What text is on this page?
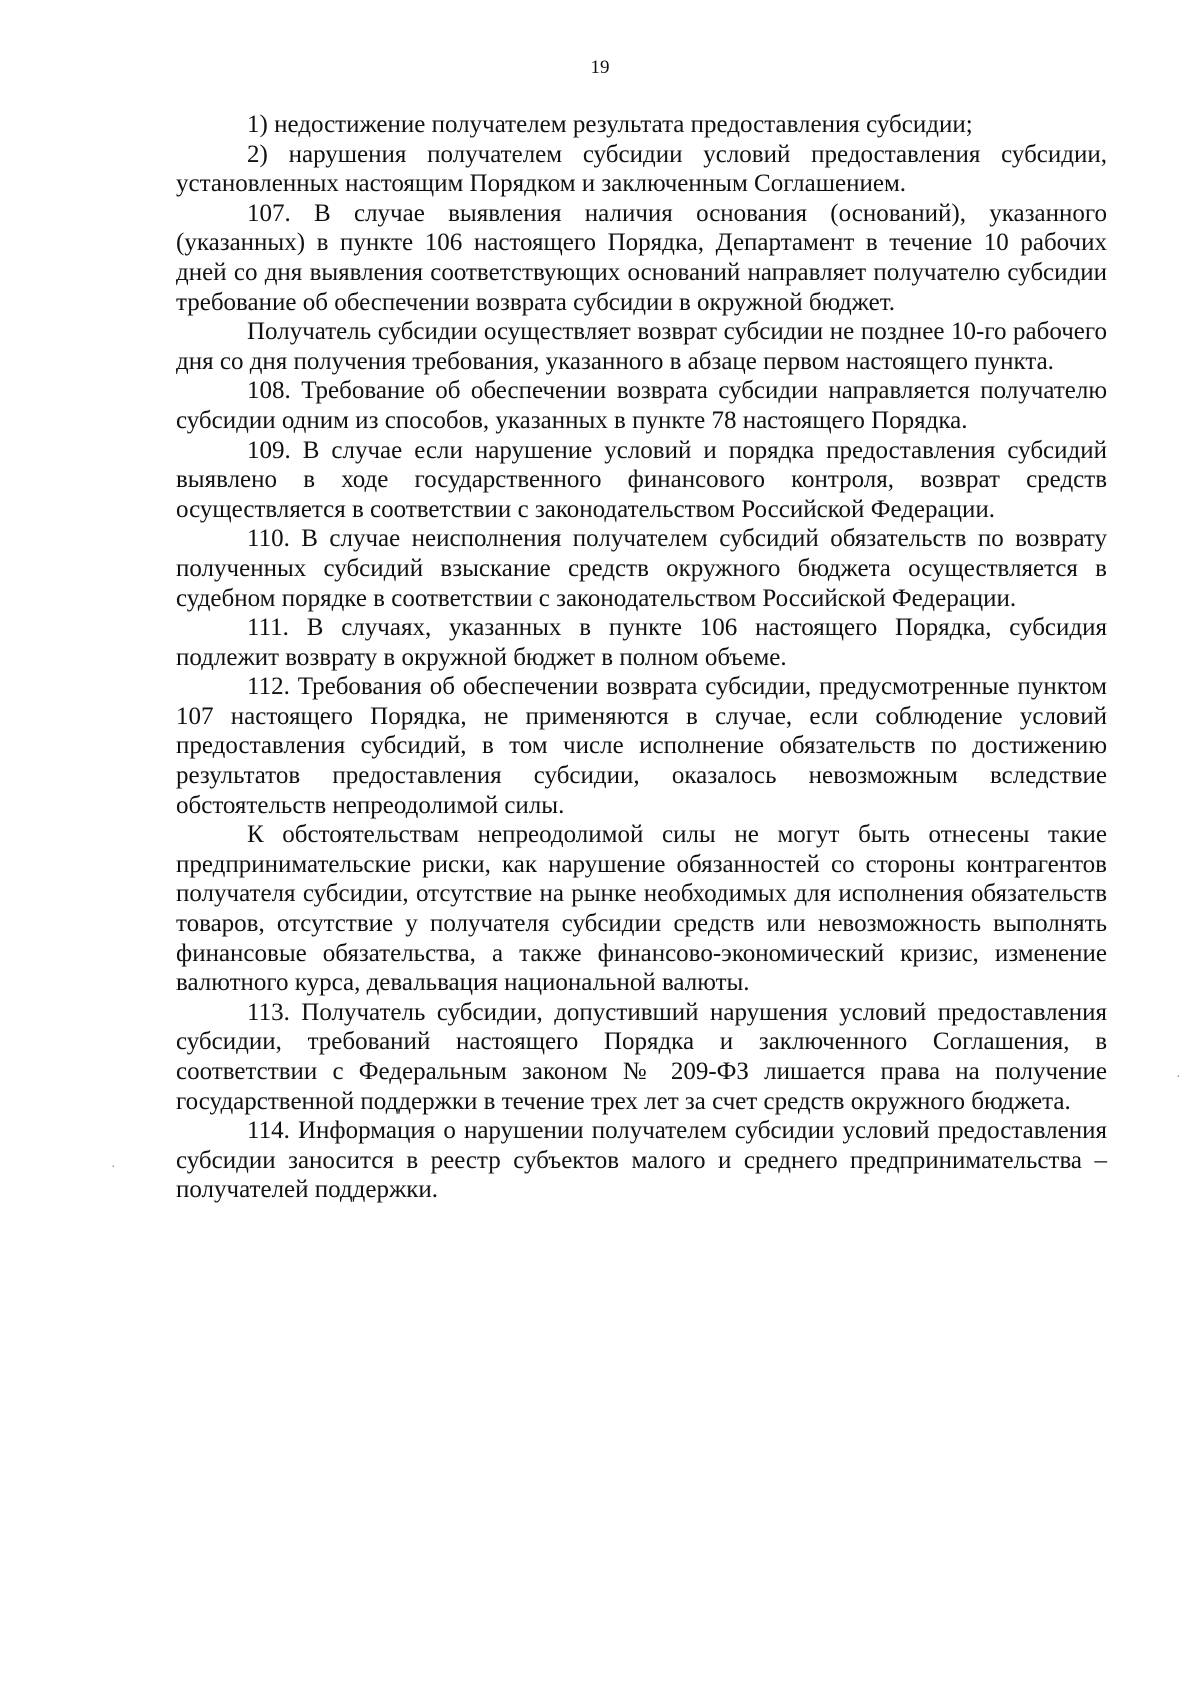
19

1) недостижение получателем результата предоставления субсидии;

2) нарушения получателем субсидии условий предоставления субсидии, установленных настоящим Порядком и заключенным Соглашением.

107. В случае выявления наличия основания (оснований), указанного (указанных) в пункте 106 настоящего Порядка, Департамент в течение 10 рабочих дней со дня выявления соответствующих оснований направляет получателю субсидии требование об обеспечении возврата субсидии в окружной бюджет.

Получатель субсидии осуществляет возврат субсидии не позднее 10-го рабочего дня со дня получения требования, указанного в абзаце первом настоящего пункта.

108. Требование об обеспечении возврата субсидии направляется получателю субсидии одним из способов, указанных в пункте 78 настоящего Порядка.

109. В случае если нарушение условий и порядка предоставления субсидий выявлено в ходе государственного финансового контроля, возврат средств осуществляется в соответствии с законодательством Российской Федерации.

110. В случае неисполнения получателем субсидий обязательств по возврату полученных субсидий взыскание средств окружного бюджета осуществляется в судебном порядке в соответствии с законодательством Российской Федерации.

111. В случаях, указанных в пункте 106 настоящего Порядка, субсидия подлежит возврату в окружной бюджет в полном объеме.

112. Требования об обеспечении возврата субсидии, предусмотренные пунктом 107 настоящего Порядка, не применяются в случае, если соблюдение условий предоставления субсидий, в том числе исполнение обязательств по достижению результатов предоставления субсидии, оказалось невозможным вследствие обстоятельств непреодолимой силы.

К обстоятельствам непреодолимой силы не могут быть отнесены такие предпринимательские риски, как нарушение обязанностей со стороны контрагентов получателя субсидии, отсутствие на рынке необходимых для исполнения обязательств товаров, отсутствие у получателя субсидии средств или невозможность выполнять финансовые обязательства, а также финансово-экономический кризис, изменение валютного курса, девальвация национальной валюты.

113. Получатель субсидии, допустивший нарушения условий предоставления субсидии, требований настоящего Порядка и заключенного Соглашения, в соответствии с Федеральным законом № 209-ФЗ лишается права на получение государственной поддержки в течение трех лет за счет средств окружного бюджета.

114. Информация о нарушении получателем субсидии условий предоставления субсидии заносится в реестр субъектов малого и среднего предпринимательства – получателей поддержки.

·
·
